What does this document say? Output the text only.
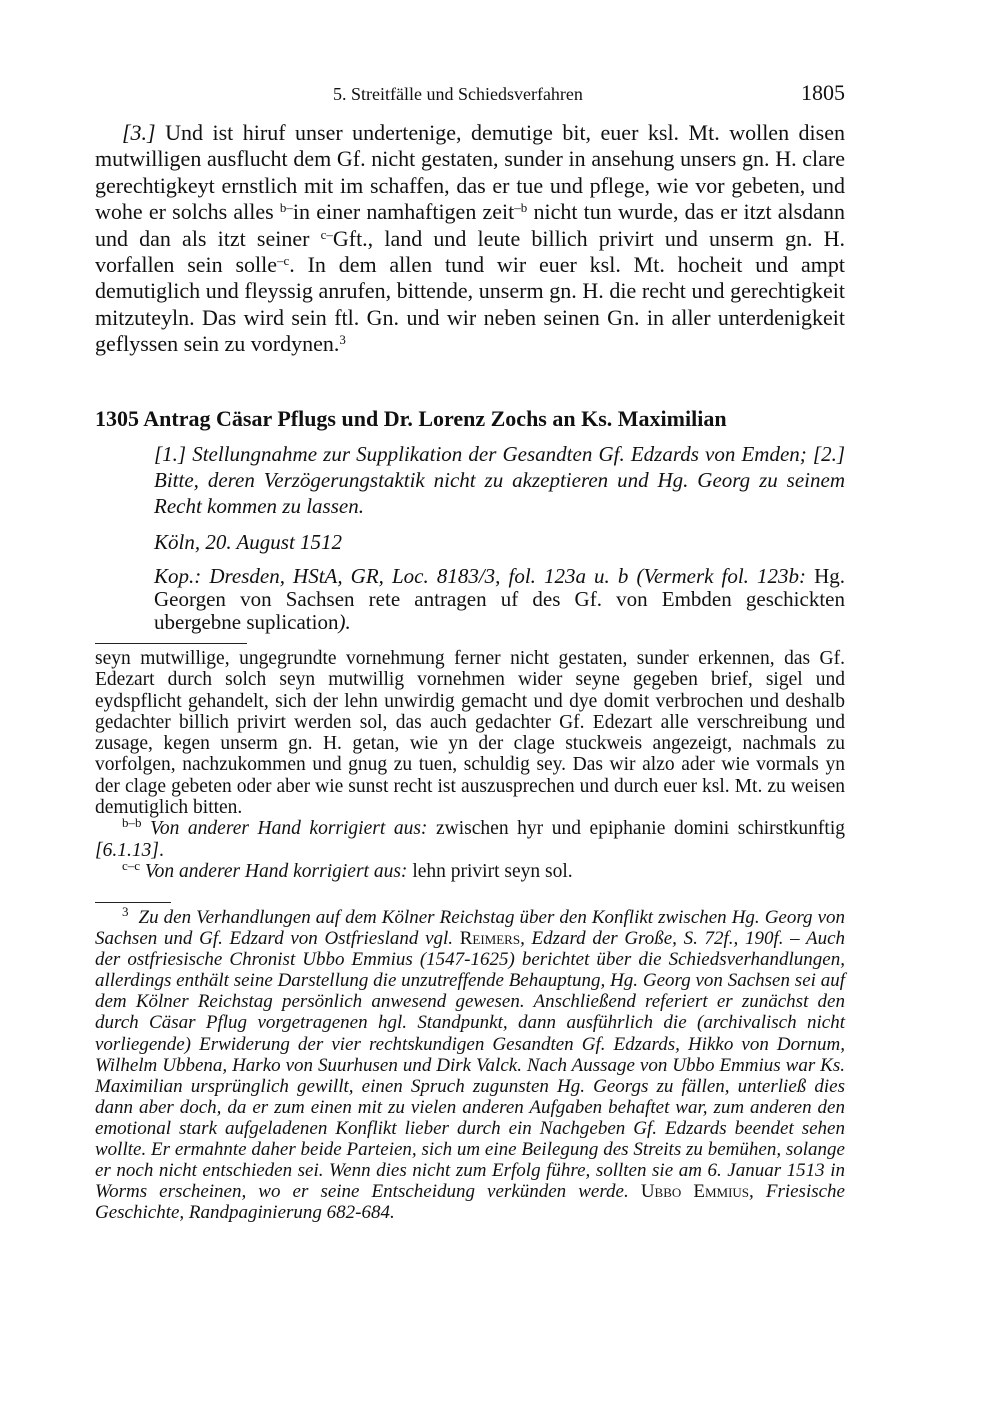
5. Streitfälle und Schiedsverfahren	1805

[3.] Und ist hiruf unser undertenige, demutige bit, euer ksl. Mt. wollen disen mutwilligen ausflucht dem Gf. nicht gestaten, sunder in ansehung unsers gn. H. clare gerechtigkeyt ernstlich mit im schaffen, das er tue und pflege, wie vor gebeten, und wohe er solchs alles $^{b-}$in einer namhaftigen zeit$^{-b}$ nicht tun wurde, das er itzt alsdann und dan als itzt seiner $^{c-}$Gft., land und leute billich privirt und unserm gn. H. vorfallen sein solle$^{-c}$. In dem allen tund wir euer ksl. Mt. hocheit und ampt demutiglich und fleyssig anrufen, bittende, unserm gn. H. die recht und gerechtigkeit mitzuteyln. Das wird sein ftl. Gn. und wir neben seinen Gn. in aller unterdenigkeit geflyssen sein zu vordynen.$^3$

1305 Antrag Cäsar Pflugs und Dr. Lorenz Zochs an Ks. Maximilian
[1.] Stellungnahme zur Supplikation der Gesandten Gf. Edzards von Emden; [2.] Bitte, deren Verzögerungstaktik nicht zu akzeptieren und Hg. Georg zu seinem Recht kommen zu lassen.
Köln, 20. August 1512
Kop.: Dresden, HStA, GR, Loc. 8183/3, fol. 123a u. b (Vermerk fol. 123b: Hg. Georgen von Sachsen rete antragen uf des Gf. von Embden geschickten ubergebne suplication).

seyn mutwillige, ungegrundte vornehmung ferner nicht gestaten, sunder erkennen, das Gf. Edezart durch solch seyn mutwillig vornehmen wider seyne gegeben brief, sigel und eydspflicht gehandelt, sich der lehn unwirdig gemacht und dye domit verbrochen und deshalb gedachter billich privirt werden sol, das auch gedachter Gf. Edezart alle verschreibung und zusage, kegen unserm gn. H. getan, wie yn der clage stuckweis angezeigt, nachmals zu vorfolgen, nachzukommen und gnug zu tuen, schuldig sey. Das wir alzo ader wie vormals yn der clage gebeten oder aber wie sunst recht ist auszusprechen und durch euer ksl. Mt. zu weisen demutiglich bitten.

$^{b-b}$ Von anderer Hand korrigiert aus: zwischen hyr und epiphanie domini schirstkunftig [6.1.13].

$^{c-c}$ Von anderer Hand korrigiert aus: lehn privirt seyn sol.

$^3$ Zu den Verhandlungen auf dem Kölner Reichstag über den Konflikt zwischen Hg. Georg von Sachsen und Gf. Edzard von Ostfriesland vgl. Reimers, Edzard der Große, S. 72f., 190f. – Auch der ostfriesische Chronist Ubbo Emmius (1547-1625) berichtet über die Schiedsverhandlungen, allerdings enthält seine Darstellung die unzutreffende Behauptung, Hg. Georg von Sachsen sei auf dem Kölner Reichstag persönlich anwesend gewesen. Anschließend referiert er zunächst den durch Cäsar Pflug vorgetragenen hgl. Standpunkt, dann ausführlich die (archivalisch nicht vorliegende) Erwiderung der vier rechtskundigen Gesandten Gf. Edzards, Hikko von Dornum, Wilhelm Ubbena, Harko von Suurhusen und Dirk Valck. Nach Aussage von Ubbo Emmius war Ks. Maximilian ursprünglich gewillt, einen Spruch zugunsten Hg. Georgs zu fällen, unterließ dies dann aber doch, da er zum einen mit zu vielen anderen Aufgaben behaftet war, zum anderen den emotional stark aufgeladenen Konflikt lieber durch ein Nachgeben Gf. Edzards beendet sehen wollte. Er ermahnte daher beide Parteien, sich um eine Beilegung des Streits zu bemühen, solange er noch nicht entschieden sei. Wenn dies nicht zum Erfolg führe, sollten sie am 6. Januar 1513 in Worms erscheinen, wo er seine Entscheidung verkünden werde. Ubbo Emmius, Friesische Geschichte, Randpaginierung 682-684.
